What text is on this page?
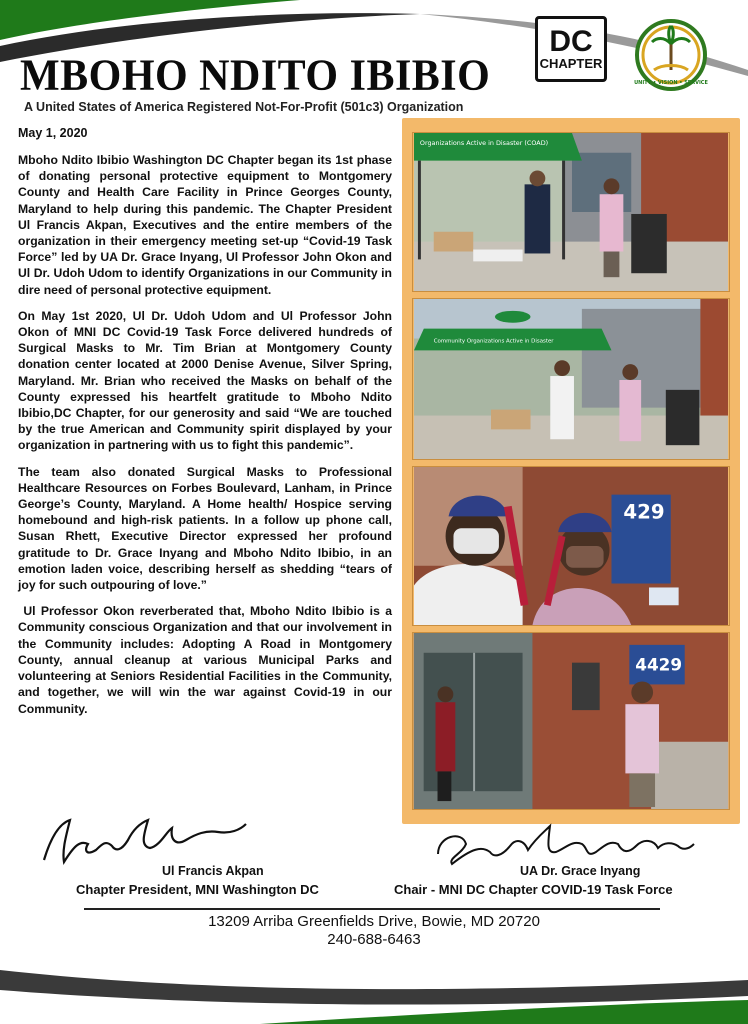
MBOHO NDITO IBIBIO
A United States of America Registered Not-For-Profit (501c3) Organization
DC
CHAPTER
UNITY • VISION • SERVICE
May 1, 2020

Mboho Ndito Ibibio Washington DC Chapter began its 1st phase of donating personal protective equipment to Montgomery County and Health Care Facility in Prince Georges County, Maryland to help during this pandemic. The Chapter President Ul Francis Akpan, Executives and the entire members of the organization in their emergency meeting set-up “Covid-19 Task Force” led by UA Dr. Grace Inyang, Ul Professor John Okon and Ul Dr. Udoh Udom to identify Organizations in our Community in dire need of personal protective equipment.

On May 1st 2020, Ul Dr. Udoh Udom and Ul Professor John Okon of MNI DC Covid-19 Task Force delivered hundreds of Surgical Masks to Mr. Tim Brian at Montgomery County donation center located at 2000 Denise Avenue, Silver Spring, Maryland. Mr. Brian who received the Masks on behalf of the County expressed his heartfelt gratitude to Mboho Ndito Ibibio,DC Chapter, for our generosity and said “We are touched by the true American and Community spirit displayed by your organization in partnering with us to fight this pandemic”.

The team also donated Surgical Masks to Professional Healthcare Resources on Forbes Boulevard, Lanham, in Prince George’s County, Maryland. A Home health/ Hospice serving homebound and high-risk patients. In a follow up phone call, Susan Rhett, Executive Director expressed her profound gratitude to Dr. Grace Inyang and Mboho Ndito Ibibio, in an emotion laden voice, describing herself as shedding “tears of joy for such outpouring of love.”

Ul Professor Okon reverberated that, Mboho Ndito Ibibio is a Community conscious Organization and that our involvement in the Community includes: Adopting A Road in Montgomery County, annual cleanup at various Municipal Parks and volunteering at Seniors Residential Facilities in the Community, and together, we will win the war against Covid-19 in our Community.

Organizations Active in Disaster (COAD)
Community Organizations Active in Disaster
429
4429
Ul Francis Akpan
Chapter President, MNI Washington DC
UA Dr. Grace Inyang
Chair - MNI DC Chapter COVID-19 Task Force
13209 Arriba Greenfields Drive, Bowie, MD 20720
240-688-6463
